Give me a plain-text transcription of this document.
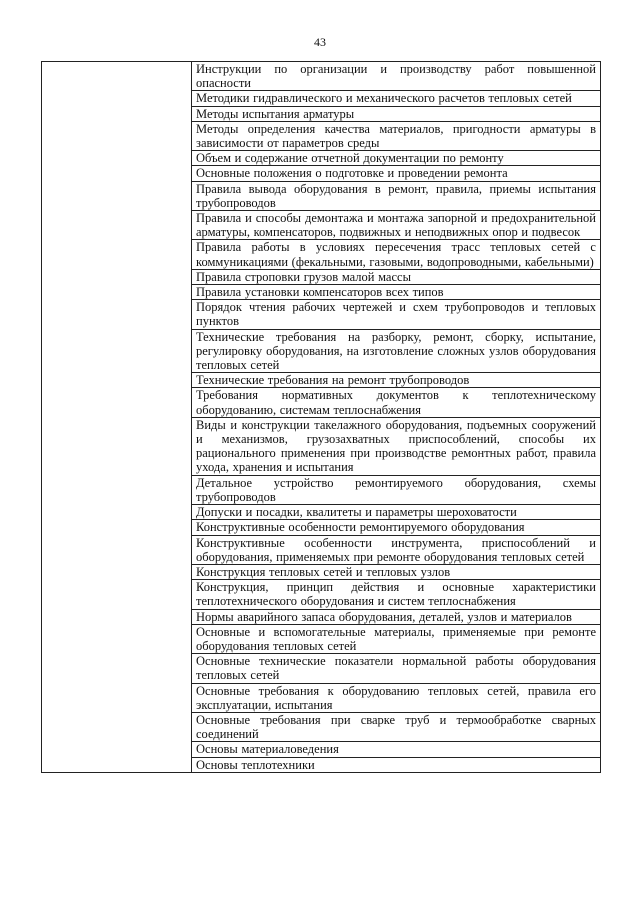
43
	Инструкции по организации и производству работ повышенной опасности
Методики гидравлического и механического расчетов тепловых сетей
Методы испытания арматуры
Методы определения качества материалов, пригодности арматуры в зависимости от параметров среды
Объем и содержание отчетной документации по ремонту
Основные положения о подготовке и проведении ремонта
Правила вывода оборудования в ремонт, правила, приемы испытания трубопроводов
Правила и способы демонтажа и монтажа запорной и предохранительной арматуры, компенсаторов, подвижных и неподвижных опор и подвесок
Правила работы в условиях пересечения трасс тепловых сетей с коммуникациями (фекальными, газовыми, водопроводными, кабельными)
Правила строповки грузов малой массы
Правила установки компенсаторов всех типов
Порядок чтения рабочих чертежей и схем трубопроводов и тепловых пунктов
Технические требования на разборку, ремонт, сборку, испытание, регулировку оборудования, на изготовление сложных узлов оборудования тепловых сетей
Технические требования на ремонт трубопроводов
Требования нормативных документов к теплотехническому оборудованию, системам теплоснабжения
Виды и конструкции такелажного оборудования, подъемных сооружений и механизмов, грузозахватных приспособлений, способы их рационального применения при производстве ремонтных работ, правила ухода, хранения и испытания
Детальное устройство ремонтируемого оборудования, схемы трубопроводов
Допуски и посадки, квалитеты и параметры шероховатости
Конструктивные особенности ремонтируемого оборудования
Конструктивные особенности инструмента, приспособлений и оборудования, применяемых при ремонте оборудования тепловых сетей
Конструкция тепловых сетей и тепловых узлов
Конструкция, принцип действия и основные характеристики теплотехнического оборудования и систем теплоснабжения
Нормы аварийного запаса оборудования, деталей, узлов и материалов
Основные и вспомогательные материалы, применяемые при ремонте оборудования тепловых сетей
Основные технические показатели нормальной работы оборудования тепловых сетей
Основные требования к оборудованию тепловых сетей, правила его эксплуатации, испытания
Основные требования при сварке труб и термообработке сварных соединений
Основы материаловедения
Основы теплотехники
